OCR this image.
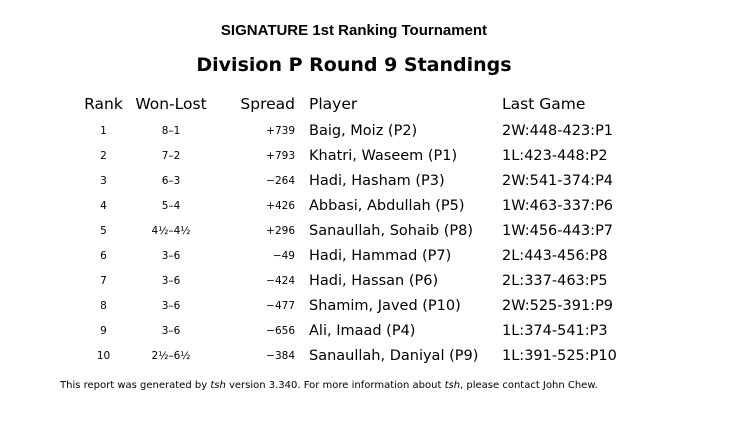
SIGNATURE 1st Ranking Tournament
Division P Round 9 Standings
Rank	Won-Lost	Spread	Player	Last Game
1	8–1	+739	Baig, Moiz (P2)	2W:448-423:P1
2	7–2	+793	Khatri, Waseem (P1)	1L:423-448:P2
3	6–3	−264	Hadi, Hasham (P3)	2W:541-374:P4
4	5–4	+426	Abbasi, Abdullah (P5)	1W:463-337:P6
5	4½–4½	+296	Sanaullah, Sohaib (P8)	1W:456-443:P7
6	3–6	−49	Hadi, Hammad (P7)	2L:443-456:P8
7	3–6	−424	Hadi, Hassan (P6)	2L:337-463:P5
8	3–6	−477	Shamim, Javed (P10)	2W:525-391:P9
9	3–6	−656	Ali, Imaad (P4)	1L:374-541:P3
10	2½–6½	−384	Sanaullah, Daniyal (P9)	1L:391-525:P10
This report was generated by tsh version 3.340. For more information about tsh, please contact John Chew.
